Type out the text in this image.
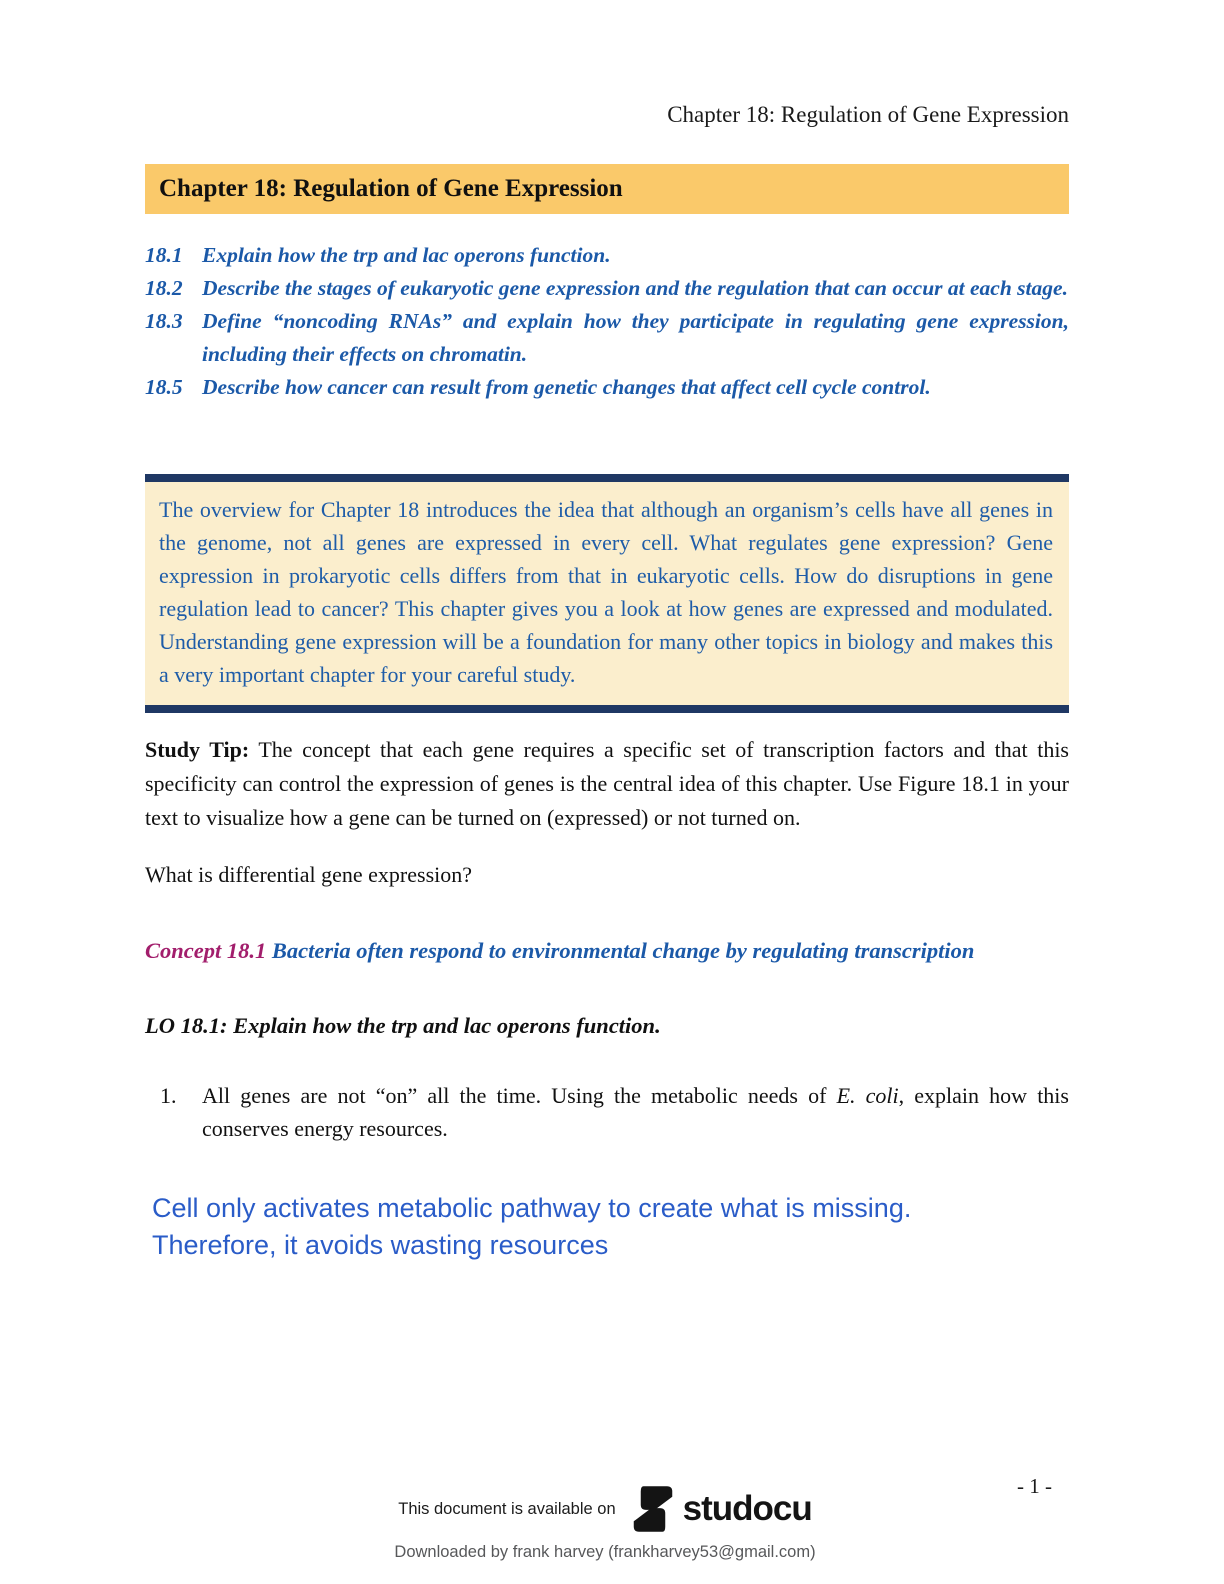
Chapter 18: Regulation of Gene Expression
Chapter 18: Regulation of Gene Expression
18.1 Explain how the trp and lac operons function.
18.2 Describe the stages of eukaryotic gene expression and the regulation that can occur at each stage.
18.3 Define “noncoding RNAs” and explain how they participate in regulating gene expression, including their effects on chromatin.
18.5 Describe how cancer can result from genetic changes that affect cell cycle control.

The overview for Chapter 18 introduces the idea that although an organism’s cells have all genes in the genome, not all genes are expressed in every cell. What regulates gene expression? Gene expression in prokaryotic cells differs from that in eukaryotic cells. How do disruptions in gene regulation lead to cancer? This chapter gives you a look at how genes are expressed and modulated. Understanding gene expression will be a foundation for many other topics in biology and makes this a very important chapter for your careful study.

Study Tip: The concept that each gene requires a specific set of transcription factors and that this specificity can control the expression of genes is the central idea of this chapter. Use Figure 18.1 in your text to visualize how a gene can be turned on (expressed) or not turned on.

What is differential gene expression?

Concept 18.1 Bacteria often respond to environmental change by regulating transcription

LO 18.1: Explain how the trp and lac operons function.

1.	All genes are not “on” all the time. Using the metabolic needs of E. coli, explain how this conserves energy resources.

Cell only activates metabolic pathway to create what is missing. Therefore, it avoids wasting resources

- 1 -
This document is available on studocu
Downloaded by frank harvey (frankharvey53@gmail.com)
